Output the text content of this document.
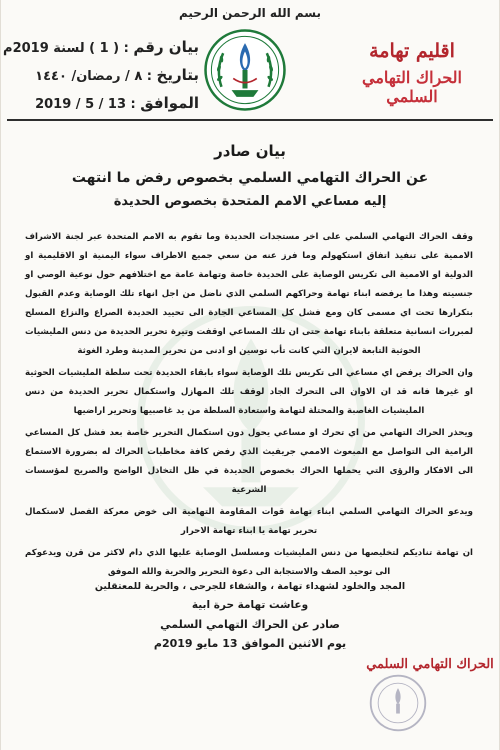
بسم الله الرحمن الرحيم
اقليم تهامة
الحراك التهامي السلمي
بيان رقم : ( 1 ) لسنة 2019م
بتاريخ : ٨ / رمضان/ ١٤٤٠
الموافق : 13 / 5 / 2019
بيان صادر
عن الحراك التهامي السلمي بخصوص رفض ما انتهت
إليه مساعي الامم المتحدة بخصوص الحديدة

وقف الحراك التهامي السلمي على اخر مستجدات الحديدة وما تقوم به الامم المتحدة عبر لجنة الاشراف الاممية على تنفيذ اتفاق استكهولم وما فرز عنه من سعي جميع الاطراف سواء اليمنية او الاقليمية او الدولية او الاممية الى تكريس الوصاية على الحديدة خاصة وتهامة عامة مع اختلافهم حول نوعية الوصي او جنسيته وهذا ما يرفضه ابناء تهامة وحراكهم السلمي الذي ناضل من اجل انهاء تلك الوصاية وعدم القبول بتكرارها تحت اي مسمى كان ومع فشل كل المساعي الجادة الى تحييد الحديدة الصراع والنزاع المسلح لمبررات انسانية متعلقة بابناء تهامة حتى ان تلك المساعي اوقفت وتيرة تحرير الحديدة من دنس المليشيات الحوثية التابعة لايران التي كانت تأب توسين او ادنى من تحرير المدينة وطرد الغوثة

وان الحراك يرفض اي مساعي الى تكريس تلك الوصاية سواء بابقاء الحديدة تحت سلطة المليشيات الحوثية او غيرها فانه قد ان الاوان الى التحرك الجاد لوقف تلك المهازل واستكمال تحرير الحديدة من دنس المليشيات الغاصبة والمحتلة لتهامة واستعادة السلطة من يد غاصبيها وتحرير اراضيها

ويحذر الحراك التهامي من اي تحرك او مساعي يحول دون استكمال التحرير خاصة بعد فشل كل المساعي الرامية الى التواصل مع المبعوث الاممي جريفيث الذي رفض كافة مخاطبات الحراك له بضرورة الاستماع الى الافكار والرؤى التي يحملها الحراك بخصوص الحديدة في ظل التخاذل الواضح والصريح لمؤسسات الشرعية

ويدعو الحراك التهامي السلمي ابناء تهامة قوات المقاومة التهامية الى خوض معركة الفصل لاستكمال تحرير تهامة يا ابناء تهامة الاحرار

ان تهامة تناديكم لتخليصها من دنس المليشيات ومسلسل الوصاية عليها الذي دام لاكثر من قرن ويدعوكم الى توحيد الصف والاستجابة الى دعوة التحرير والحرية والله الموفق

المجد والخلود لشهداء تهامة ، والشفاء للجرحى ، والحرية للمعتقلين
وعاشت تهامة حرة ابية
صادر عن الحراك التهامي السلمي
يوم الاثنين الموافق 13 مايو 2019م
الحراك التهامي السلمي
